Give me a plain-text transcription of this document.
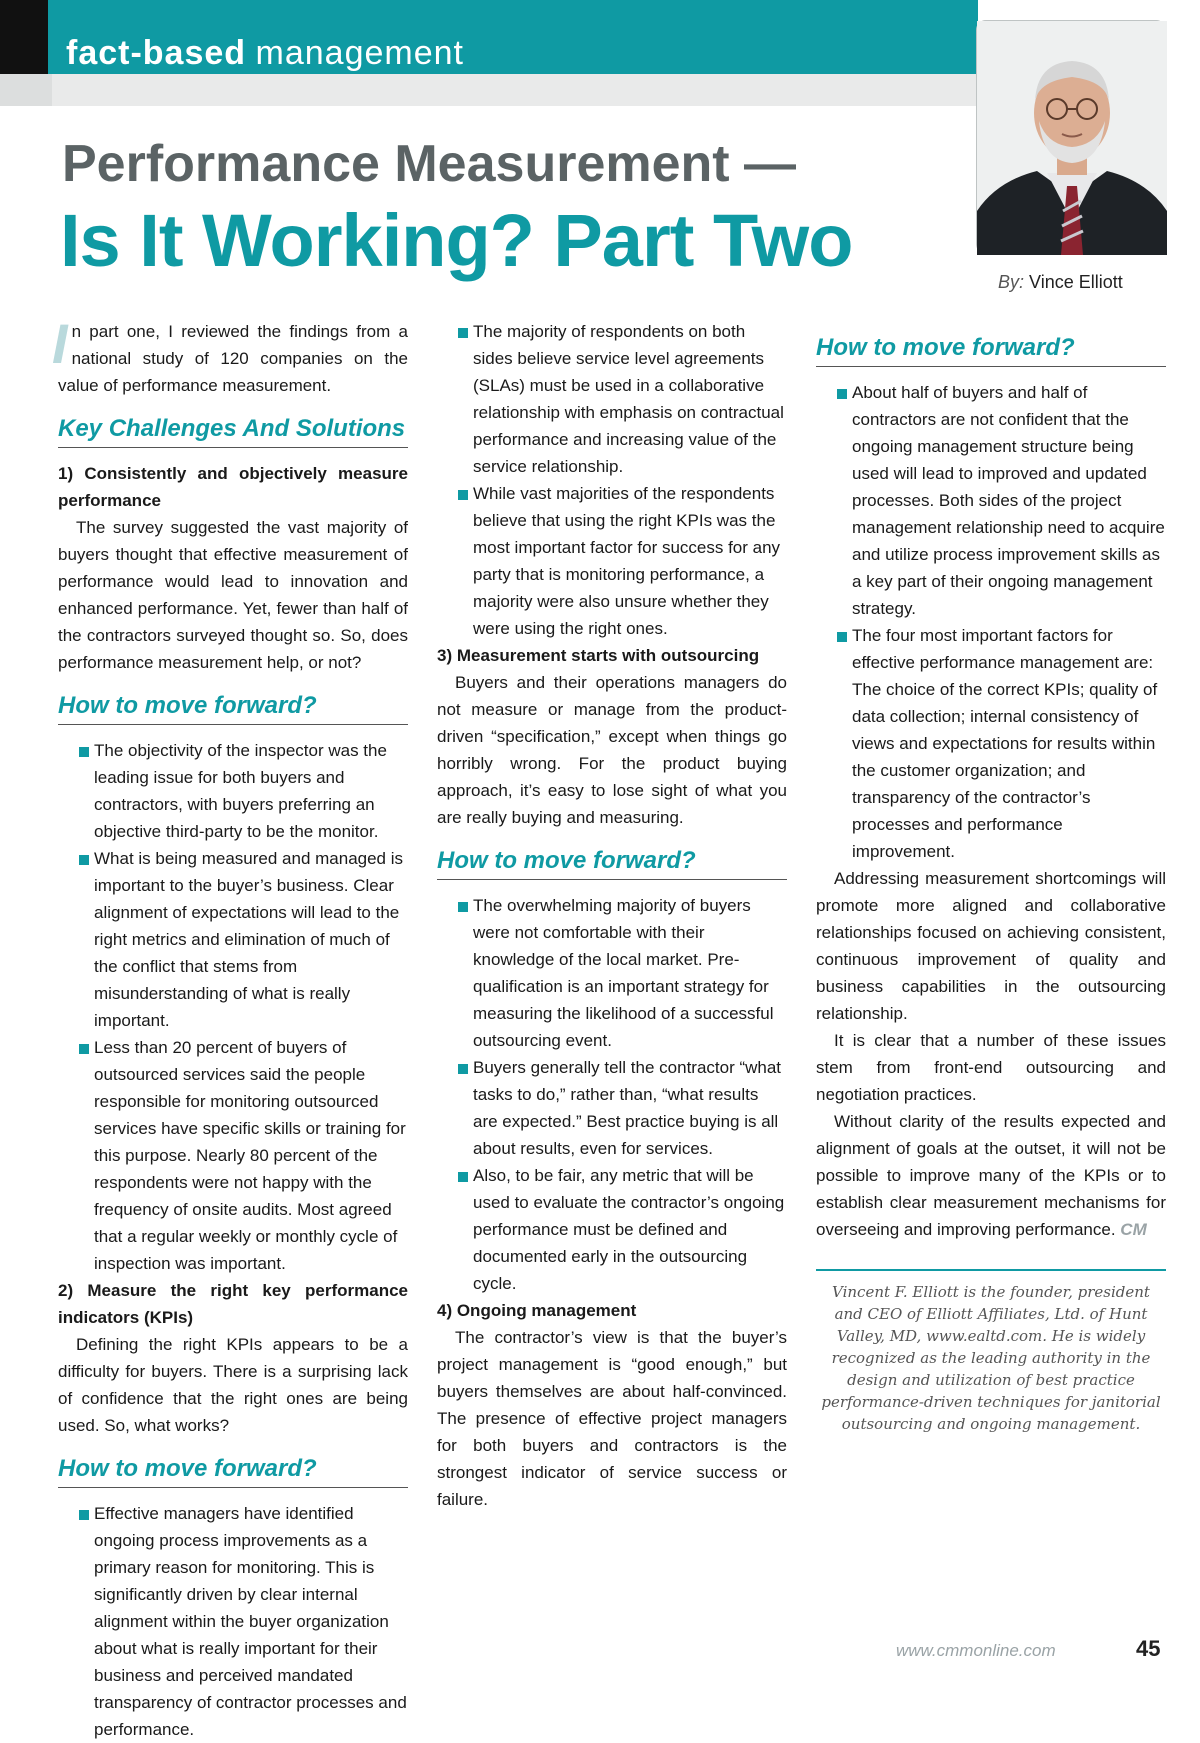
fact-based management
Performance Measurement —
Is It Working? Part Two	By: Vince Elliott

In part one, I reviewed the findings from a national study of 120 companies on the value of performance measurement.

Key Challenges And Solutions

1) Consistently and objectively measure performance

The survey suggested the vast majority of buyers thought that effective measurement of performance would lead to innovation and enhanced performance. Yet, fewer than half of the contractors surveyed thought so. So, does performance measurement help, or not?

How to move forward?
The objectivity of the inspector was the leading issue for both buyers and contractors, with buyers preferring an objective third-party to be the monitor.
What is being measured and managed is important to the buyer’s business. Clear alignment of expectations will lead to the right metrics and elimination of much of the conflict that stems from misunderstanding of what is really important.
Less than 20 percent of buyers of outsourced services said the people responsible for monitoring outsourced services have specific skills or training for this purpose. Nearly 80 percent of the respondents were not happy with the frequency of onsite audits. Most agreed that a regular weekly or monthly cycle of inspection was important.

2) Measure the right key performance indicators (KPIs)

Defining the right KPIs appears to be a difficulty for buyers. There is a surprising lack of confidence that the right ones are being used. So, what works?

How to move forward?
Effective managers have identified ongoing process improvements as a primary reason for monitoring. This is significantly driven by clear internal alignment within the buyer organization about what is really important for their business and perceived mandated transparency of contractor processes and performance.
The majority of respondents on both sides believe service level agreements (SLAs) must be used in a collaborative relationship with emphasis on contractual performance and increasing value of the service relationship.
While vast majorities of the respondents believe that using the right KPIs was the most important factor for success for any party that is monitoring performance, a majority were also unsure whether they were using the right ones.

3) Measurement starts with outsourcing

Buyers and their operations managers do not measure or manage from the product-driven “specification,” except when things go horribly wrong. For the product buying approach, it’s easy to lose sight of what you are really buying and measuring.

How to move forward?
The overwhelming majority of buyers were not comfortable with their knowledge of the local market. Pre-qualification is an important strategy for measuring the likelihood of a successful outsourcing event.
Buyers generally tell the contractor “what tasks to do,” rather than, “what results are expected.” Best practice buying is all about results, even for services.
Also, to be fair, any metric that will be used to evaluate the contractor’s ongoing performance must be defined and documented early in the outsourcing cycle.

4) Ongoing management

The contractor’s view is that the buyer’s project management is “good enough,” but buyers themselves are about half-convinced. The presence of effective project managers for both buyers and contractors is the strongest indicator of service success or failure.

How to move forward?
About half of buyers and half of contractors are not confident that the ongoing management structure being used will lead to improved and updated processes. Both sides of the project management relationship need to acquire and utilize process improvement skills as a key part of their ongoing management strategy.
The four most important factors for effective performance management are: The choice of the correct KPIs; quality of data collection; internal consistency of views and expectations for results within the customer organization; and transparency of the contractor’s processes and performance improvement.

Addressing measurement shortcomings will promote more aligned and collaborative relationships focused on achieving consistent, continuous improvement of quality and business capabilities in the outsourcing relationship.

It is clear that a number of these issues stem from front-end outsourcing and negotiation practices.

Without clarity of the results expected and alignment of goals at the outset, it will not be possible to improve many of the KPIs or to establish clear measurement mechanisms for overseeing and improving performance. CM

Vincent F. Elliott is the founder, president and CEO of Elliott Affiliates, Ltd. of Hunt Valley, MD, www.ealtd.com. He is widely recognized as the leading authority in the design and utilization of best practice performance-driven techniques for janitorial outsourcing and ongoing management.
www.cmmonline.com	45
